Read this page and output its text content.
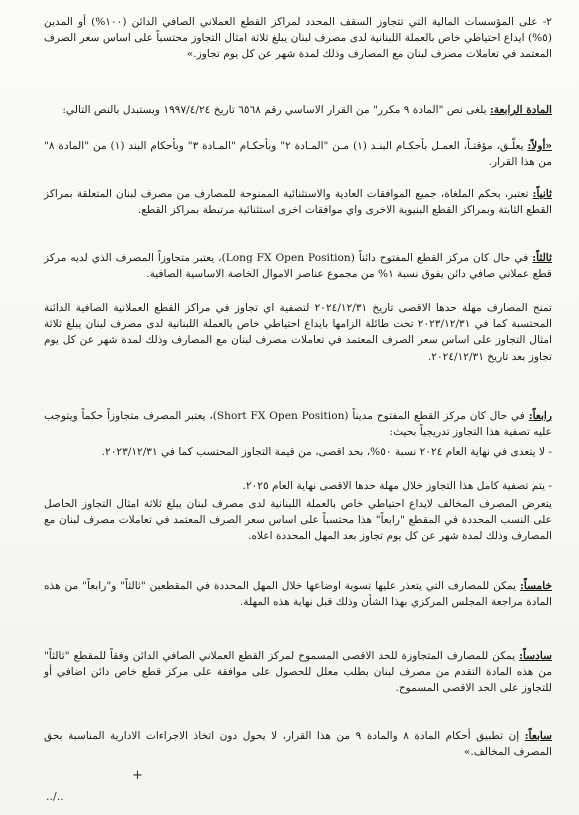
٢- على المؤسسات المالية التي تتجاوز السقف المحدد لمراكز القطع العملاني الصافي الدائن (١٠٠%) أو المدين (٥%) ايداع احتياطي خاص بالعملة اللبنانية لدى مصرف لبنان يبلغ ثلاثة امثال التجاوز محتسباً على اساس سعر الصرف المعتمد في تعاملات مصرف لبنان مع المصارف وذلك لمدة شهر عن كل يوم تجاوز.»

المادة الرابعة: يلغى نص "المادة ٩ مكرر" من القرار الاساسي رقم ٦٥٦٨ تاريخ ١٩٩٧/٤/٢٤ ويستبدل بالنص التالي:

«أولاً: يعلّـق، مؤقتـاً، العمـل بأحكـام البنـد (١) مـن "المـادة ٢" وبأحكـام "المـادة ٣" وبأحكام البند (١) من "المادة ٨" من هذا القرار.

ثانياً: تعتبر، بحكم الملغاة، جميع الموافقات العادية والاستثنائية الممنوحة للمصارف من مصرف لبنان المتعلقة بمراكز القطع الثابتة وبمراكز القطع البنيوية الاخرى واي موافقات اخرى استثنائية مرتبطة بمراكز القطع.

ثالثاً: في حال كان مركز القطع المفتوح دائناً (Long FX Open Position)، يعتبر متجاوزاً المصرف الذي لديه مركز قطع عملاني صافي دائن يفوق نسبة ١% من مجموع عناصر الاموال الخاصة الاساسية الصافية.

تمنح المصارف مهلة حدها الاقصى تاريخ ٢٠٢٤/١٢/٣١ لتصفية اي تجاوز في مراكز القطع العملانية الصافية الدائنة المحتسبة كما في ٢٠٢٣/١٢/٣١ تحت طائلة الزامها بايداع احتياطي خاص بالعملة اللبنانية لدى مصرف لبنان يبلغ ثلاثة امثال التجاوز على اساس سعر الصرف المعتمد في تعاملات مصرف لبنان مع المصارف وذلك لمدة شهر عن كل يوم تجاوز بعد تاريخ ٢٠٢٤/١٢/٣١.

رابعاً: في حال كان مركز القطع المفتوح مديناً (Short FX Open Position)، يعتبر المصرف متجاوزاً حكماً ويتوجب عليه تصفية هذا التجاوز تدريجياً بحيث:

- لا يتعدى في نهاية العام ٢٠٢٤ نسبة ٥٠%، بحد اقصى، من قيمة التجاوز المحتسب كما في ٢٠٢٣/١٢/٣١.

- يتم تصفية كامل هذا التجاوز خلال مهلة حدها الاقصى نهاية العام ٢٠٢٥.

يتعرض المصرف المخالف لايداع احتياطي خاص بالعملة اللبنانية لدى مصرف لبنان يبلغ ثلاثة امثال التجاوز الحاصل على النسب المحددة في المقطع "رابعاً" هذا محتسباً على اساس سعر الصرف المعتمد في تعاملات مصرف لبنان مع المصارف وذلك لمدة شهر عن كل يوم تجاوز بعد المهل المحددة اعلاه.

خامساً: يمكن للمصارف التي يتعذر عليها تسوية اوضاعها خلال المهل المحددة في المقطعين "ثالثاً" و"رابعاً" من هذه المادة مراجعة المجلس المركزي بهذا الشأن وذلك قبل نهاية هذه المهلة.

سادساً: يمكن للمصارف المتجاوزة للحد الاقصى المسموح لمركز القطع العملاني الصافي الدائن وفقاً للمقطع "ثالثاً" من هذه المادة التقدم من مصرف لبنان بطلب معلل للحصول على موافقة على مركز قطع خاص دائن اضافي أو للتجاوز على الحد الاقصى المسموح.

سابعاً: إن تطبيق أحكام المادة ٨ والمادة ٩ من هذا القرار، لا يحول دون اتخاذ الاجراءات الادارية المناسبة بحق المصرف المخالف.»

+
../..
